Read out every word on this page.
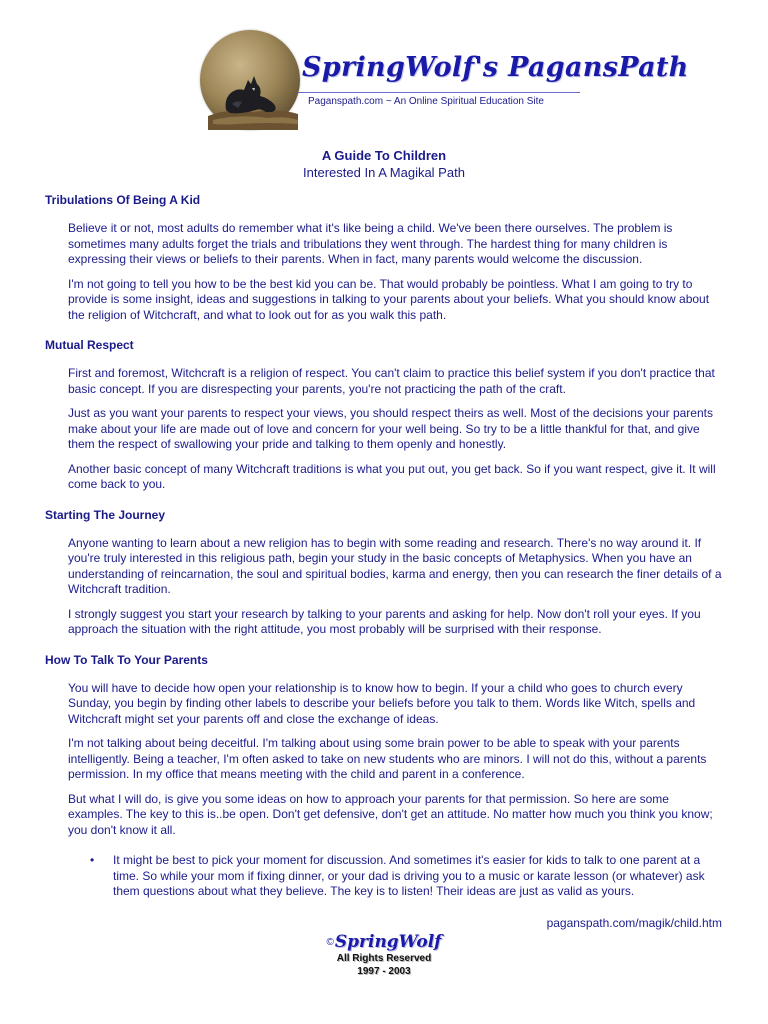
SpringWolf's PagansPath
Paganspath.com ~ An Online Spiritual Education Site
A Guide To Children
Interested In A Magikal Path
Tribulations Of Being A Kid

Believe it or not, most adults do remember what it's like being a child. We've been there ourselves. The problem is sometimes many adults forget the trials and tribulations they went through. The hardest thing for many children is expressing their views or beliefs to their parents. When in fact, many parents would welcome the discussion.

I'm not going to tell you how to be the best kid you can be. That would probably be pointless. What I am going to try to provide is some insight, ideas and suggestions in talking to your parents about your beliefs. What you should know about the religion of Witchcraft, and what to look out for as you walk this path.

Mutual Respect

First and foremost, Witchcraft is a religion of respect. You can't claim to practice this belief system if you don't practice that basic concept. If you are disrespecting your parents, you're not practicing the path of the craft.

Just as you want your parents to respect your views, you should respect theirs as well. Most of the decisions your parents make about your life are made out of love and concern for your well being. So try to be a little thankful for that, and give them the respect of swallowing your pride and talking to them openly and honestly.

Another basic concept of many Witchcraft traditions is what you put out, you get back. So if you want respect, give it. It will come back to you.

Starting The Journey

Anyone wanting to learn about a new religion has to begin with some reading and research. There's no way around it. If you're truly interested in this religious path, begin your study in the basic concepts of Metaphysics. When you have an understanding of reincarnation, the soul and spiritual bodies, karma and energy, then you can research the finer details of a Witchcraft tradition.

I strongly suggest you start your research by talking to your parents and asking for help. Now don't roll your eyes. If you approach the situation with the right attitude, you most probably will be surprised with their response.

How To Talk To Your Parents

You will have to decide how open your relationship is to know how to begin. If your a child who goes to church every Sunday, you begin by finding other labels to describe your beliefs before you talk to them. Words like Witch, spells and Witchcraft might set your parents off and close the exchange of ideas.

I'm not talking about being deceitful. I'm talking about using some brain power to be able to speak with your parents intelligently. Being a teacher, I'm often asked to take on new students who are minors. I will not do this, without a parents permission. In my office that means meeting with the child and parent in a conference.

But what I will do, is give you some ideas on how to approach your parents for that permission. So here are some examples. The key to this is..be open. Don't get defensive, don't get an attitude. No matter how much you think you know; you don't know it all.

• It might be best to pick your moment for discussion. And sometimes it's easier for kids to talk to one parent at a time. So while your mom if fixing dinner, or your dad is driving you to a music or karate lesson (or whatever) ask them questions about what they believe. The key is to listen! Their ideas are just as valid as yours.
paganspath.com/magik/child.htm
©SpringWolf
All Rights Reserved
1997 - 2003
